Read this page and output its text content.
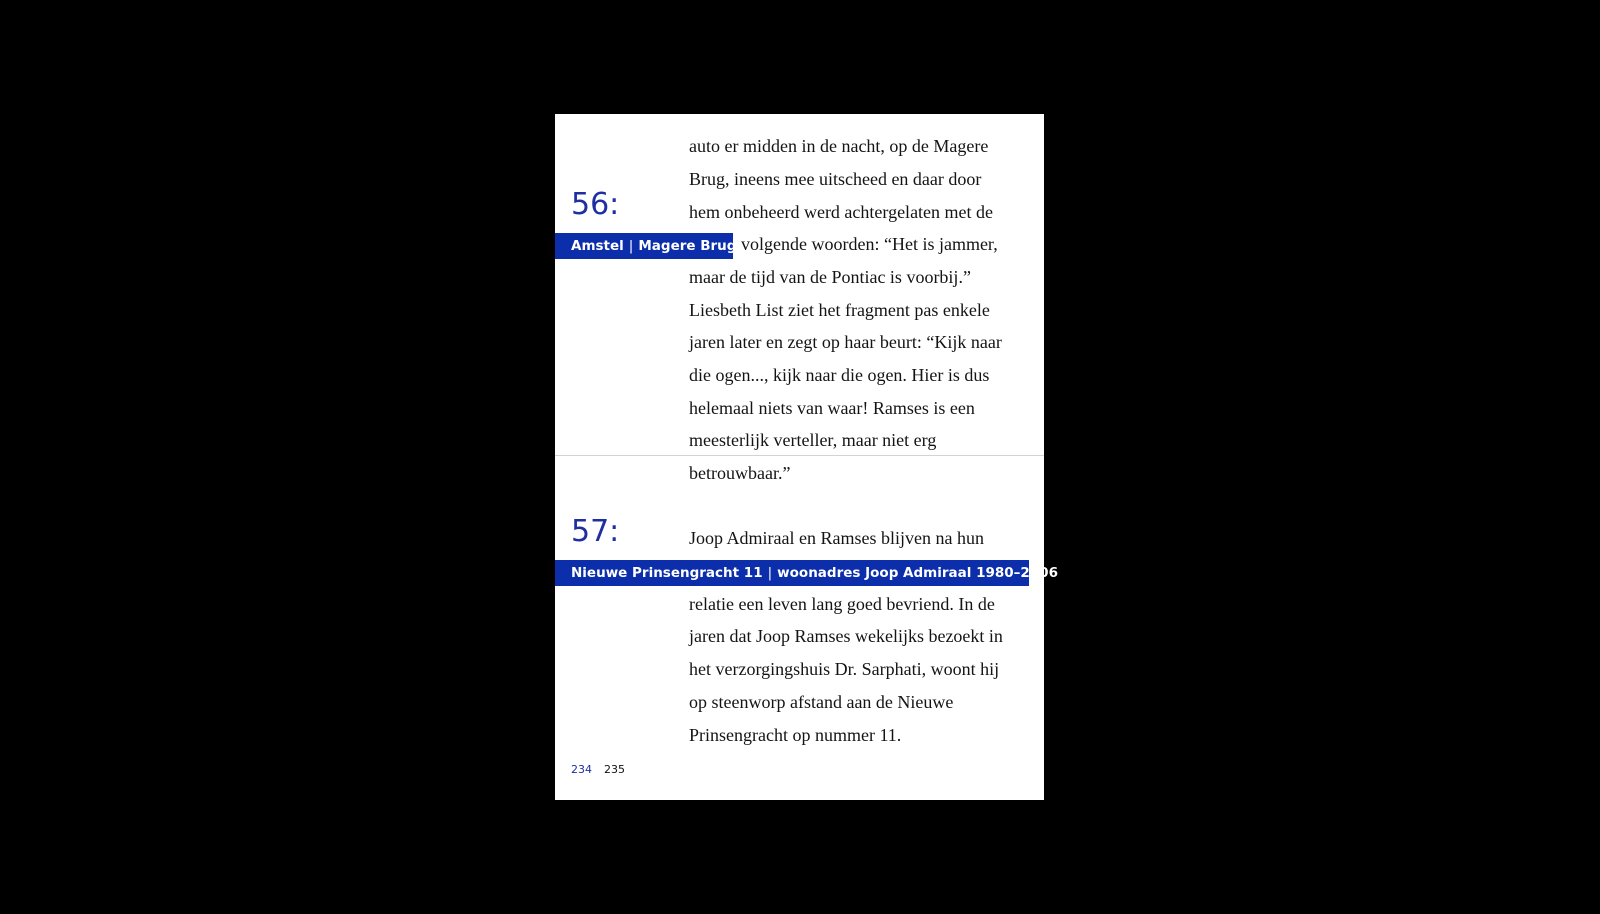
56:
Amstel | Magere Brug
auto er midden in de nacht, op de Magere
Brug, ineens mee uitscheed en daar door
hem onbeheerd werd achtergelaten met de
volgende woorden: “Het is jammer,
maar de tijd van de Pontiac is voorbij.”
Liesbeth List ziet het fragment pas enkele
jaren later en zegt op haar beurt: “Kijk naar
die ogen..., kijk naar die ogen. Hier is dus
helemaal niets van waar! Ramses is een
meesterlijk verteller, maar niet erg
betrouwbaar.”
57:	Joop Admiraal en Ramses blijven na hun
Nieuwe Prinsengracht 11 | woonadres Joop Admiraal 1980–2006
relatie een leven lang goed bevriend. In de
jaren dat Joop Ramses wekelijks bezoekt in
het verzorgingshuis Dr. Sarphati, woont hij
op steenworp afstand aan de Nieuwe
Prinsengracht op nummer 11.
234 235
